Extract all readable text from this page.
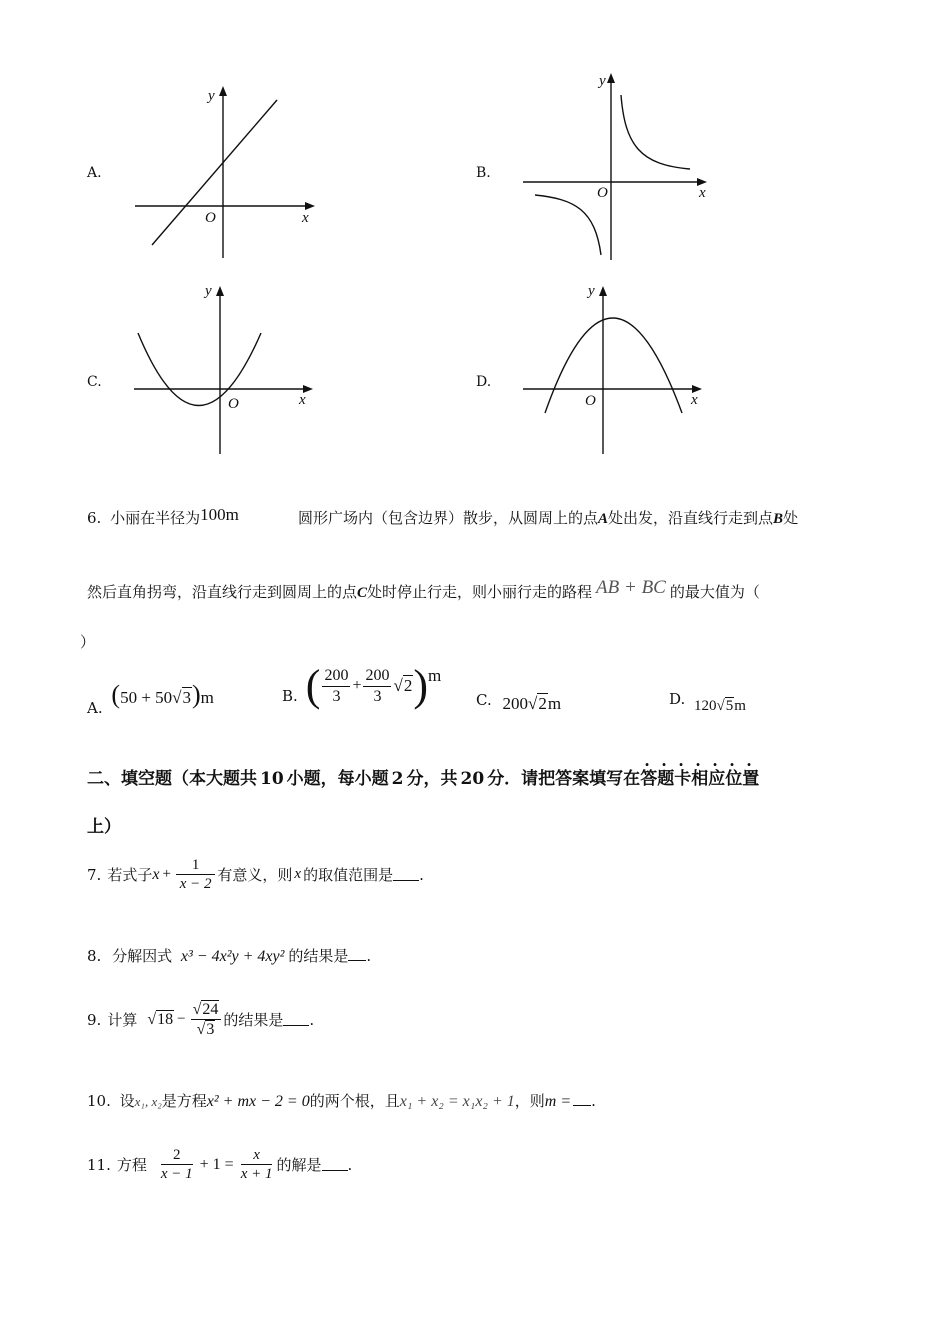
A.
y
x
O
B.
y
x
O
C.
y
x
O
D.
y
x
O
6. 小丽在半径为100m	圆形广场内（包含边界）散步，从圆周上的点A处出发，沿直线行走到点B处
然后直角拐弯，沿直线行走到圆周上的点C处时停止行走，则小丽行走的路程 AB + BC 的最大值为（
）
A. (50 + 50√3)m	B. ( $\frac{200}{3} + \frac{200}{3} √2$ ) m
C. 200√2m	D. 120√5m
二、填空题（本大题共 10 小题，每小题 2 分，共 20 分．请把答案填写在答题卡相应位置
上）
7. 若式子 $x + \frac{1}{x - 2}$ 有意义，则 x 的取值范围是 .
8. 分解因式 x³ − 4x²y + 4xy² 的结果是 .
9. 计算 $√18 - \frac{√24}{√3}$ 的结果是 .
10. 设x₁, x₂是方程x² + mx − 2 = 0的两个根，且x₁ + x₂ = x₁x₂ + 1，则m = .
11. 方程 $\frac{2}{x - 1} + 1 = \frac{x}{x + 1}$ 的解是 .
